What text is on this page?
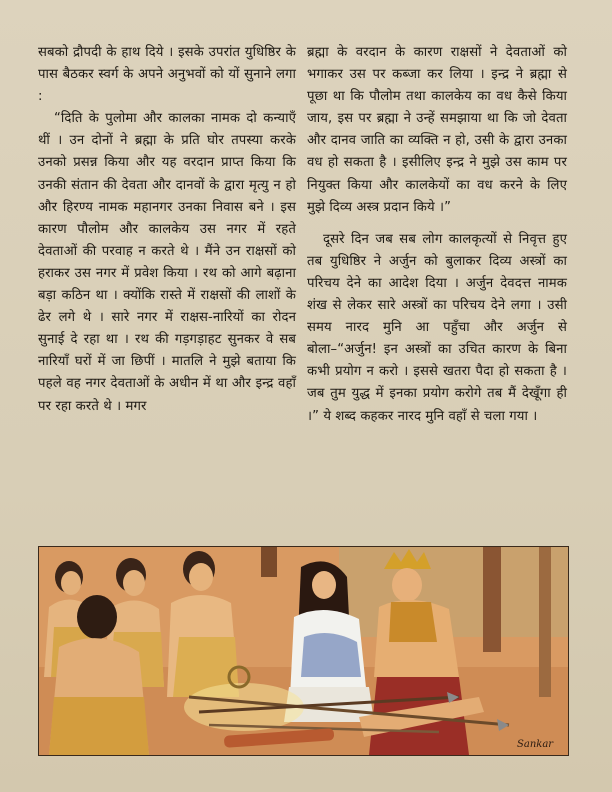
सबको द्रौपदी के हाथ दिये । इसके उपरांत युधिष्ठिर के पास बैठकर स्वर्ग के अपने अनुभवों को यों सुनाने लगा :

“दिति के पुलोमा और कालका नामक दो कन्याएँ थीं । उन दोनों ने ब्रह्मा के प्रति घोर तपस्या करके उनको प्रसन्न किया और यह वरदान प्राप्त किया कि उनकी संतान की देवता और दानवों के द्वारा मृत्यु न हो और हिरण्य नामक महानगर उनका निवास बने । इस कारण पौलोम और कालकेय उस नगर में रहते देवताओं की परवाह न करते थे । मैंने उन राक्षसों को हराकर उस नगर में प्रवेश किया । रथ को आगे बढ़ाना बड़ा कठिन था । क्योंकि रास्ते में राक्षसों की लाशों के ढेर लगे थे । सारे नगर में राक्षस-नारियों का रोदन सुनाई दे रहा था । रथ की गड़गड़ाहट सुनकर वे सब नारियाँ घरों में जा छिपीं । मातलि ने मुझे बताया कि पहले वह नगर देवताओं के अधीन में था और इन्द्र वहाँ पर रहा करते थे । मगर

ब्रह्मा के वरदान के कारण राक्षसों ने देवताओं को भगाकर उस पर कब्जा कर लिया । इन्द्र ने ब्रह्मा से पूछा था कि पौलोम तथा कालकेय का वध कैसे किया जाय, इस पर ब्रह्मा ने उन्हें समझाया था कि जो देवता और दानव जाति का व्यक्ति न हो, उसी के द्वारा उनका वध हो सकता है । इसीलिए इन्द्र ने मुझे उस काम पर नियुक्त किया और कालकेयों का वध करने के लिए मुझे दिव्य अस्त्र प्रदान किये ।”

दूसरे दिन जब सब लोग कालकृत्यों से निवृत्त हुए तब युधिष्ठिर ने अर्जुन को बुलाकर दिव्य अस्त्रों का परिचय देने का आदेश दिया । अर्जुन देवदत्त नामक शंख से लेकर सारे अस्त्रों का परिचय देने लगा । उसी समय नारद मुनि आ पहुँचा और अर्जुन से बोला–“अर्जुन! इन अस्त्रों का उचित कारण के बिना कभी प्रयोग न करो । इससे खतरा पैदा हो सकता है । जब तुम युद्ध में इनका प्रयोग करोगे तब मैं देखूँगा ही ।” ये शब्द कहकर नारद मुनि वहाँ से चला गया ।

Sankar
